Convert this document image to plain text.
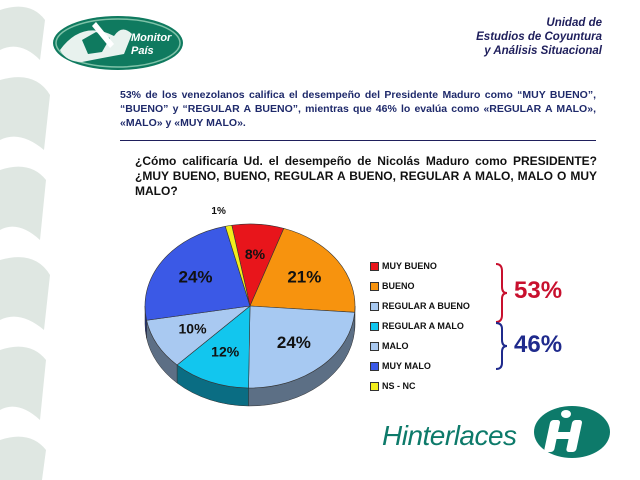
Monitor
País
Unidad de
Estudios de Coyuntura
y Análisis Situacional
53% de los venezolanos califica el desempeño del Presidente Maduro como “MUY BUENO”, “BUENO” y “REGULAR A BUENO”, mientras que 46% lo evalúa como «REGULAR A MALO», «MALO» y «MUY MALO».
¿Cómo calificaría Ud. el desempeño de Nicolás Maduro como PRESIDENTE? ¿MUY BUENO, BUENO, REGULAR A BUENO, REGULAR A MALO, MALO O MUY MALO?
8%
21%
24%
12%
10%
24%
1%
MUY BUENO
BUENO
REGULAR A BUENO
REGULAR A MALO
MALO
MUY MALO
NS - NC
53%
46%
Hinterlaces
